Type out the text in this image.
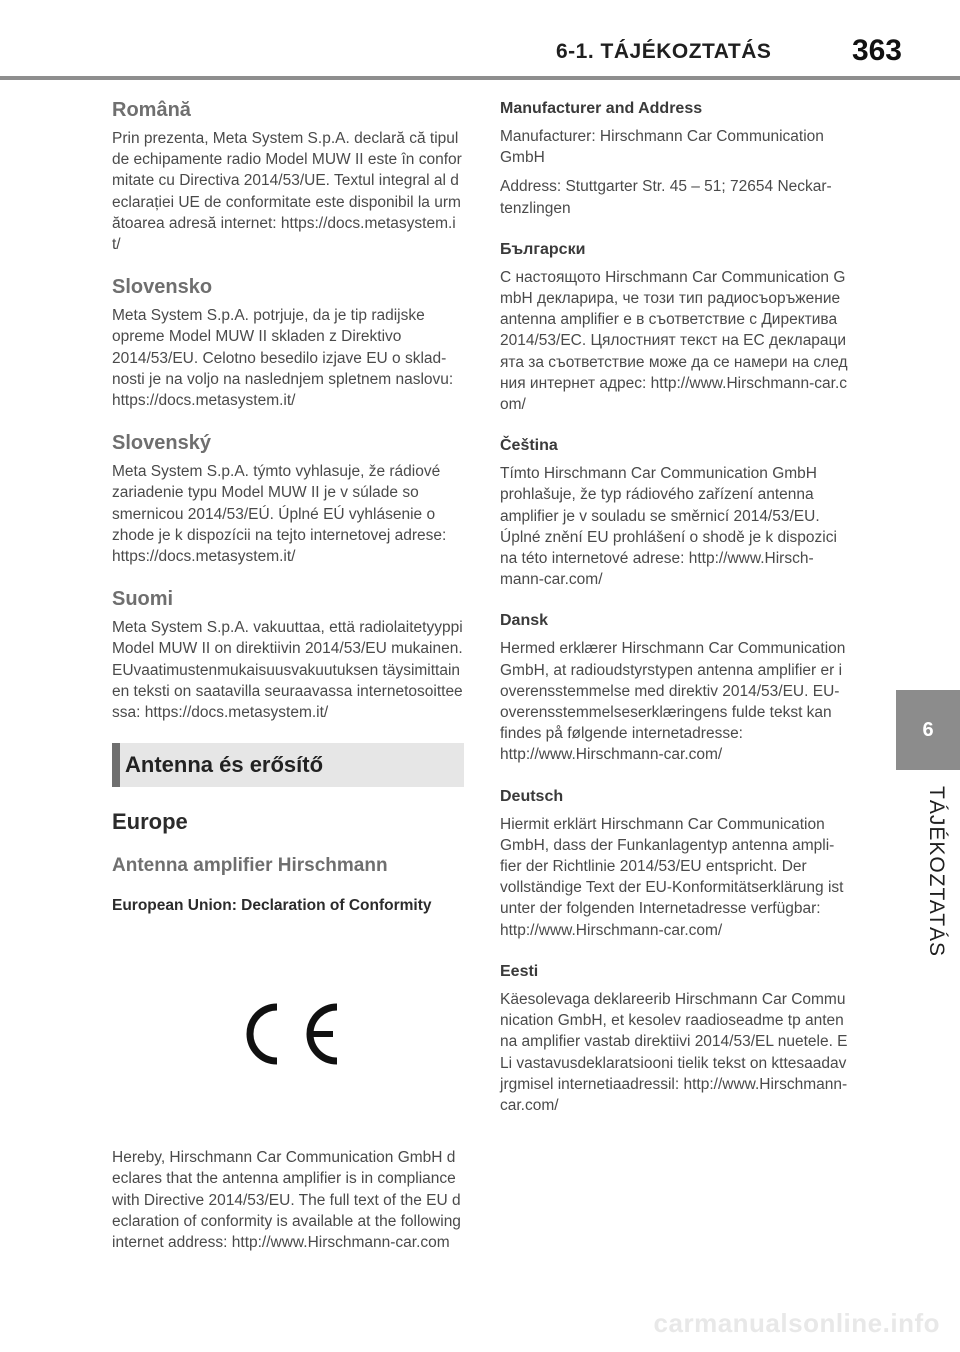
6-1. TÁJÉKOZTATÁS	363
6
TÁJÉKOZTATÁS
Română

Prin prezenta, Meta System S.p.A. declară că tipul de echipamente radio Model MUW II este în conformitate cu Directiva 2014/53/UE. Textul integral al declarației UE de conformitate este disponibil la următoarea adresă internet: https://docs.metasystem.it/

Slovensko

Meta System S.p.A. potrjuje, da je tip radijske opreme Model MUW II skladen z Direktivo 2014/53/EU. Celotno besedilo izjave EU o skladnosti je na voljo na naslednjem spletnem naslovu: https://docs.metasystem.it/

Slovenský

Meta System S.p.A. týmto vyhlasuje, že rádiové zariadenie typu Model MUW II je v súlade so smernicou 2014/53/EÚ. Úplné EÚ vyhlásenie o zhode je k dispozícii na tejto internetovej adrese: https://docs.metasystem.it/

Suomi

Meta System S.p.A. vakuuttaa, että radiolaitetyyppi Model MUW II on direktiivin 2014/53/EU mukainen. EUvaatimustenmukaisuusvakuutuksen täysimittainen teksti on saatavilla seuraavassa internetosoitteessa: https://docs.metasystem.it/

Antenna és erősítő
Europe
Antenna amplifier Hirschmann
European Union: Declaration of Conformity

Hereby, Hirschmann Car Communication GmbH declares that the antenna amplifier is in compliance with Directive 2014/53/EU. The full text of the EU declaration of conformity is available at the following internet address: http://www.Hirschmann-car.com

Manufacturer and Address

Manufacturer: Hirschmann Car Communication GmbH

Address: Stuttgarter Str. 45 – 51; 72654 Neckartenzlingen

Български

С настоящото Hirschmann Car Communication GmbH декларира, че този тип радиосъоръжение antenna amplifier е в съответствие с Директива 2014/53/ЕС. Цялостният текст на ЕС декларацията за съответствие може да се намери на следния интернет адрес: http://www.Hirschmann-car.com/

Čeština

Tímto Hirschmann Car Communication GmbH prohlašuje, že typ rádiového zařízení antenna amplifier je v souladu se směrnicí 2014/53/EU. Úplné znění EU prohlášení o shodě je k dispozici na této internetové adrese: http://www.Hirschmann-car.com/

Dansk

Hermed erklærer Hirschmann Car Communication GmbH, at radioudstyrstypen antenna amplifier er i overensstemmelse med direktiv 2014/53/EU. EU-overensstemmelseserklæringens fulde tekst kan findes på følgende internetadresse: http://www.Hirschmann-car.com/

Deutsch

Hiermit erklärt Hirschmann Car Communication GmbH, dass der Funkanlagentyp antenna amplifier der Richtlinie 2014/53/EU entspricht. Der vollständige Text der EU-Konformitätserklärung ist unter der folgenden Internetadresse verfügbar: http://www.Hirschmann-car.com/

Eesti

Käesolevaga deklareerib Hirschmann Car Communication GmbH, et kesolev raadioseadme tp antenna amplifier vastab direktiivi 2014/53/EL nuetele. ELi vastavusdeklaratsiooni tielik tekst on kttesaadav jrgmisel internetiaadressil: http://www.Hirschmann-car.com/

carmanualsonline.info
